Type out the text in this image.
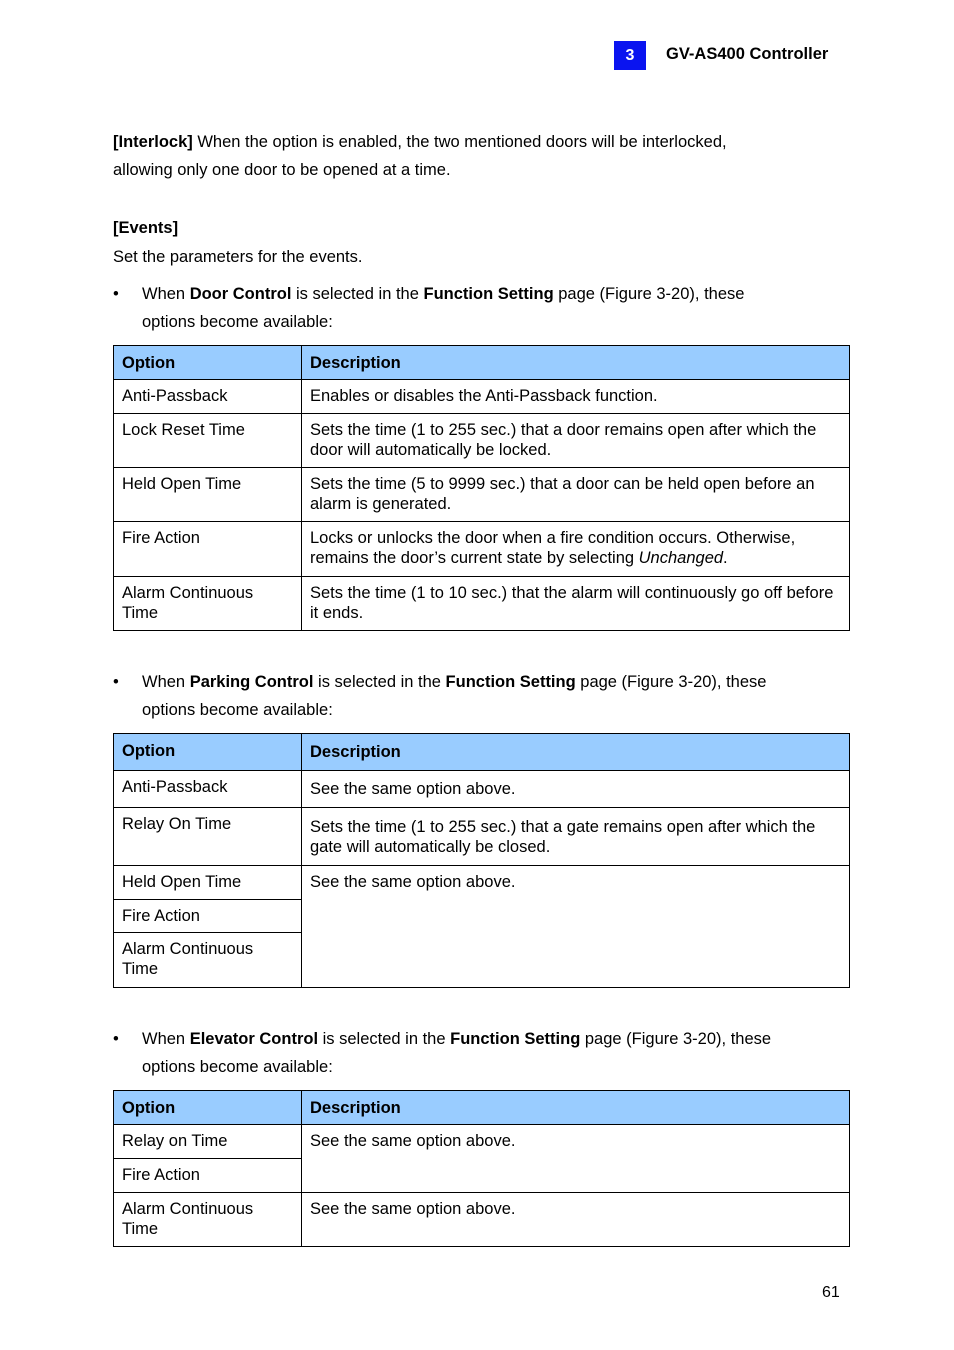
3	GV-AS400 Controller
[Interlock] When the option is enabled, the two mentioned doors will be interlocked,
allowing only one door to be opened at a time.
[Events]
Set the parameters for the events.
•	When Door Control is selected in the Function Setting page (Figure 3-20), these
options become available:
Option	Description
Anti-Passback	Enables or disables the Anti-Passback function.
Lock Reset Time	Sets the time (1 to 255 sec.) that a door remains open after which the door will automatically be locked.
Held Open Time	Sets the time (5 to 9999 sec.) that a door can be held open before an alarm is generated.
Fire Action	Locks or unlocks the door when a fire condition occurs. Otherwise, remains the door’s current state by selecting Unchanged.
Alarm Continuous Time	Sets the time (1 to 10 sec.) that the alarm will continuously go off before it ends.
•	When Parking Control is selected in the Function Setting page (Figure 3-20), these
options become available:
Option	Description
Anti-Passback	See the same option above.
Relay On Time	Sets the time (1 to 255 sec.) that a gate remains open after which the gate will automatically be closed.
Held Open Time	See the same option above.
Fire Action	
Alarm Continuous Time	
•	When Elevator Control is selected in the Function Setting page (Figure 3-20), these
options become available:
Option	Description
Relay on Time	See the same option above.
Fire Action	
Alarm Continuous Time	See the same option above.
61
